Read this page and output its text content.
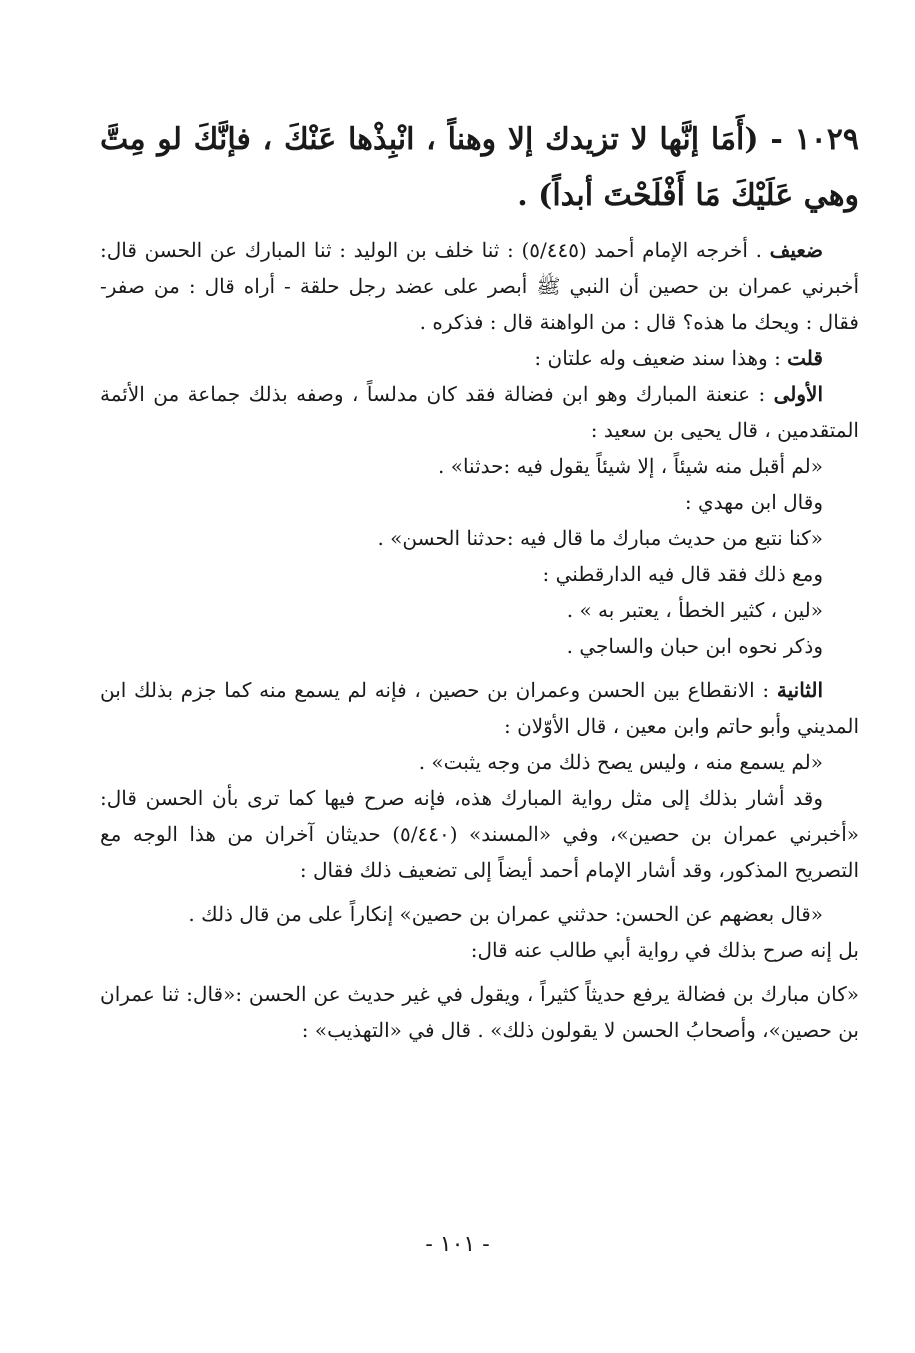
١٠٢٩ - (أَمَا إنَّها لا تزيدك إلا وهناً ، انْبِذْها عَنْكَ ، فإنَّكَ لو مِتَّ وهي عَلَيْكَ مَا أَفْلَحْتَ أبداً) .

ضعيف . أخرجه الإمام أحمد (٥/٤٤٥) : ثنا خلف بن الوليد : ثنا المبارك عن الحسن قال: أخبرني عمران بن حصين أن النبي ﷺ أبصر على عضد رجل حلقة - أراه قال : من صفر- فقال : ويحك ما هذه؟ قال : من الواهنة قال : فذكره .

قلت : وهذا سند ضعيف وله علتان :

الأولى : عنعنة المبارك وهو ابن فضالة فقد كان مدلساً ، وصفه بذلك جماعة من الأئمة المتقدمين ، قال يحيى بن سعيد :

«لم أقبل منه شيئاً ، إلا شيئاً يقول فيه :حدثنا» .

وقال ابن مهدي :

«كنا نتبع من حديث مبارك ما قال فيه :حدثنا الحسن» .

ومع ذلك فقد قال فيه الدارقطني :

«لين ، كثير الخطأ ، يعتبر به » .

وذكر نحوه ابن حبان والساجي .

الثانية : الانقطاع بين الحسن وعمران بن حصين ، فإنه لم يسمع منه كما جزم بذلك ابن المديني وأبو حاتم وابن معين ، قال الأوّلان :

«لم يسمع منه ، وليس يصح ذلك من وجه يثبت» .

وقد أشار بذلك إلى مثل رواية المبارك هذه، فإنه صرح فيها كما ترى بأن الحسن قال: «أخبرني عمران بن حصين»، وفي «المسند» (٥/٤٤٠) حديثان آخران من هذا الوجه مع التصريح المذكور، وقد أشار الإمام أحمد أيضاً إلى تضعيف ذلك فقال :

«قال بعضهم عن الحسن: حدثني عمران بن حصين» إنكاراً على من قال ذلك .

بل إنه صرح بذلك في رواية أبي طالب عنه قال:

«كان مبارك بن فضالة يرفع حديثاً كثيراً ، ويقول في غير حديث عن الحسن :«قال: ثنا عمران بن حصين»، وأصحابُ الحسن لا يقولون ذلك» . قال في «التهذيب» :

- ١٠١ -
